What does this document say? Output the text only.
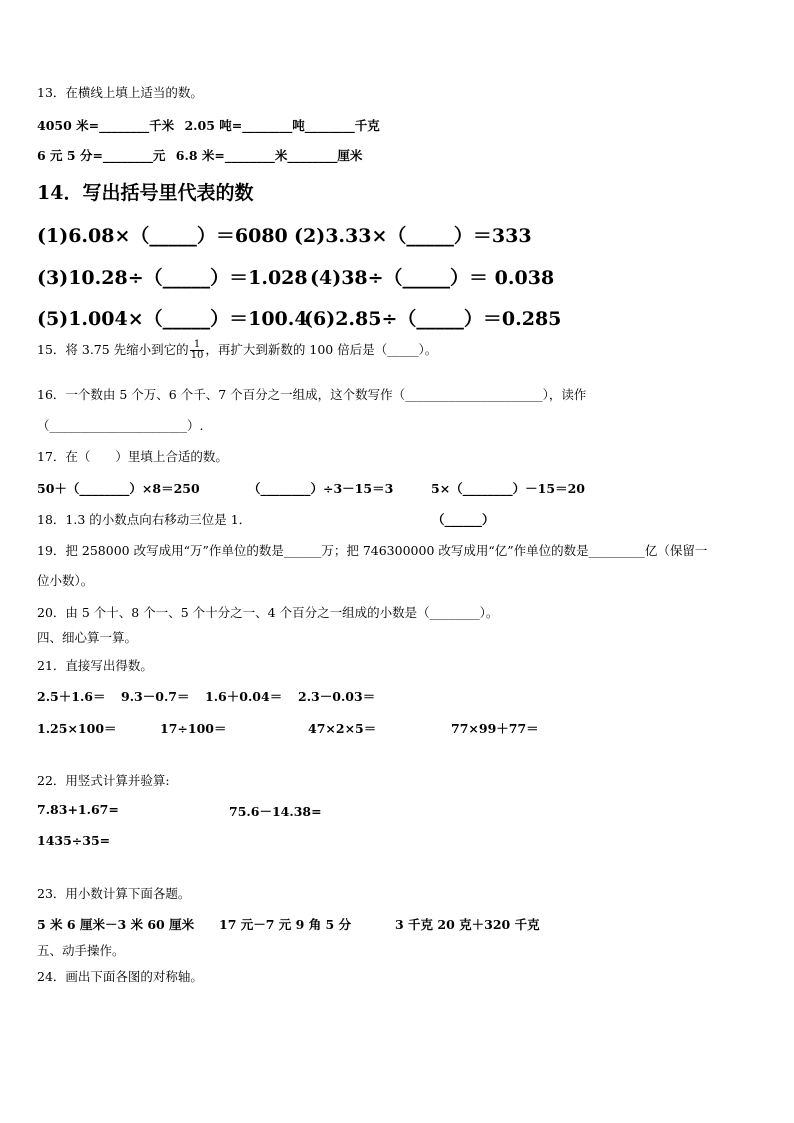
13．在横线上填上适当的数。
4050 米=________千米 2.05 吨=________吨________千克
6 元 5 分=________元 6.8 米=________米________厘米
14．写出括号里代表的数
(1)6.08×（_____）＝6080 (2)3.33×（_____）＝333
(3)10.28÷（_____）＝1.028 (4)38÷（_____）＝ 0.038
(5)1.004×（_____）＝100.4
(6)2.85÷（_____）＝0.285
15．将 3.75 先缩小到它的 $\frac{1}{10}$ ，再扩大到新数的 100 倍后是（_____）。
16．一个数由 5 个万、6 个千、7 个百分之一组成，这个数写作（______________________），读作
（______________________）.
17．在（　　）里填上合适的数。
50＋（________）×8＝250	（________）÷3－15＝3	5×（________）－15＝20
18．1.3 的小数点向右移动三位是 1．	（______）
19．把 258000 改写成用“万”作单位的数是______万；把 746300000 改写成用“亿”作单位的数是_________亿（保留一
位小数）。
20．由 5 个十、8 个一、5 个十分之一、4 个百分之一组成的小数是（________）。
四、细心算一算。
21．直接写出得数。
2.5＋1.6＝ 9.3－0.7＝ 1.6＋0.04＝ 2.3－0.03＝
1.25×100＝	17÷100＝	47×2×5＝	77×99＋77＝
22．用竖式计算并验算:
7.83+1.67=	75.6－14.38=
1435÷35=
23．用小数计算下面各题。
5 米 6 厘米－3 米 60 厘米 17 元－7 元 9 角 5 分	3 千克 20 克＋320 千克
五、动手操作。
24．画出下面各图的对称轴。
